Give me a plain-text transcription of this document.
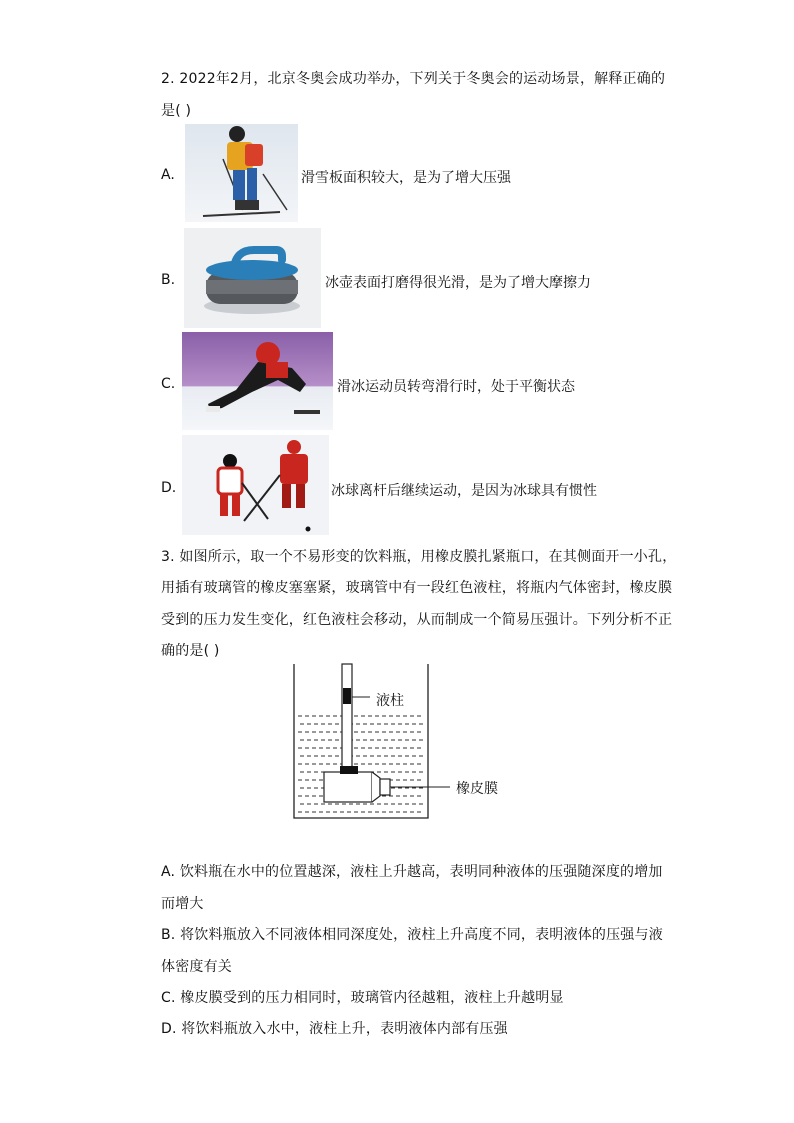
2. 2022年2月，北京冬奥会成功举办，下列关于冬奥会的运动场景，解释正确的
是( )
A.	滑雪板面积较大，是为了增大压强
B.	冰壶表面打磨得很光滑，是为了增大摩擦力
C.	滑冰运动员转弯滑行时，处于平衡状态
D.	冰球离杆后继续运动，是因为冰球具有惯性
3. 如图所示，取一个不易形变的饮料瓶，用橡皮膜扎紧瓶口，在其侧面开一小孔，
用插有玻璃管的橡皮塞塞紧，玻璃管中有一段红色液柱，将瓶内气体密封，橡皮膜
受到的压力发生变化，红色液柱会移动，从而制成一个简易压强计。下列分析不正
确的是( )
液柱
橡皮膜
A. 饮料瓶在水中的位置越深，液柱上升越高，表明同种液体的压强随深度的增加
而增大
B. 将饮料瓶放入不同液体相同深度处，液柱上升高度不同，表明液体的压强与液
体密度有关
C. 橡皮膜受到的压力相同时，玻璃管内径越粗，液柱上升越明显
D. 将饮料瓶放入水中，液柱上升，表明液体内部有压强
